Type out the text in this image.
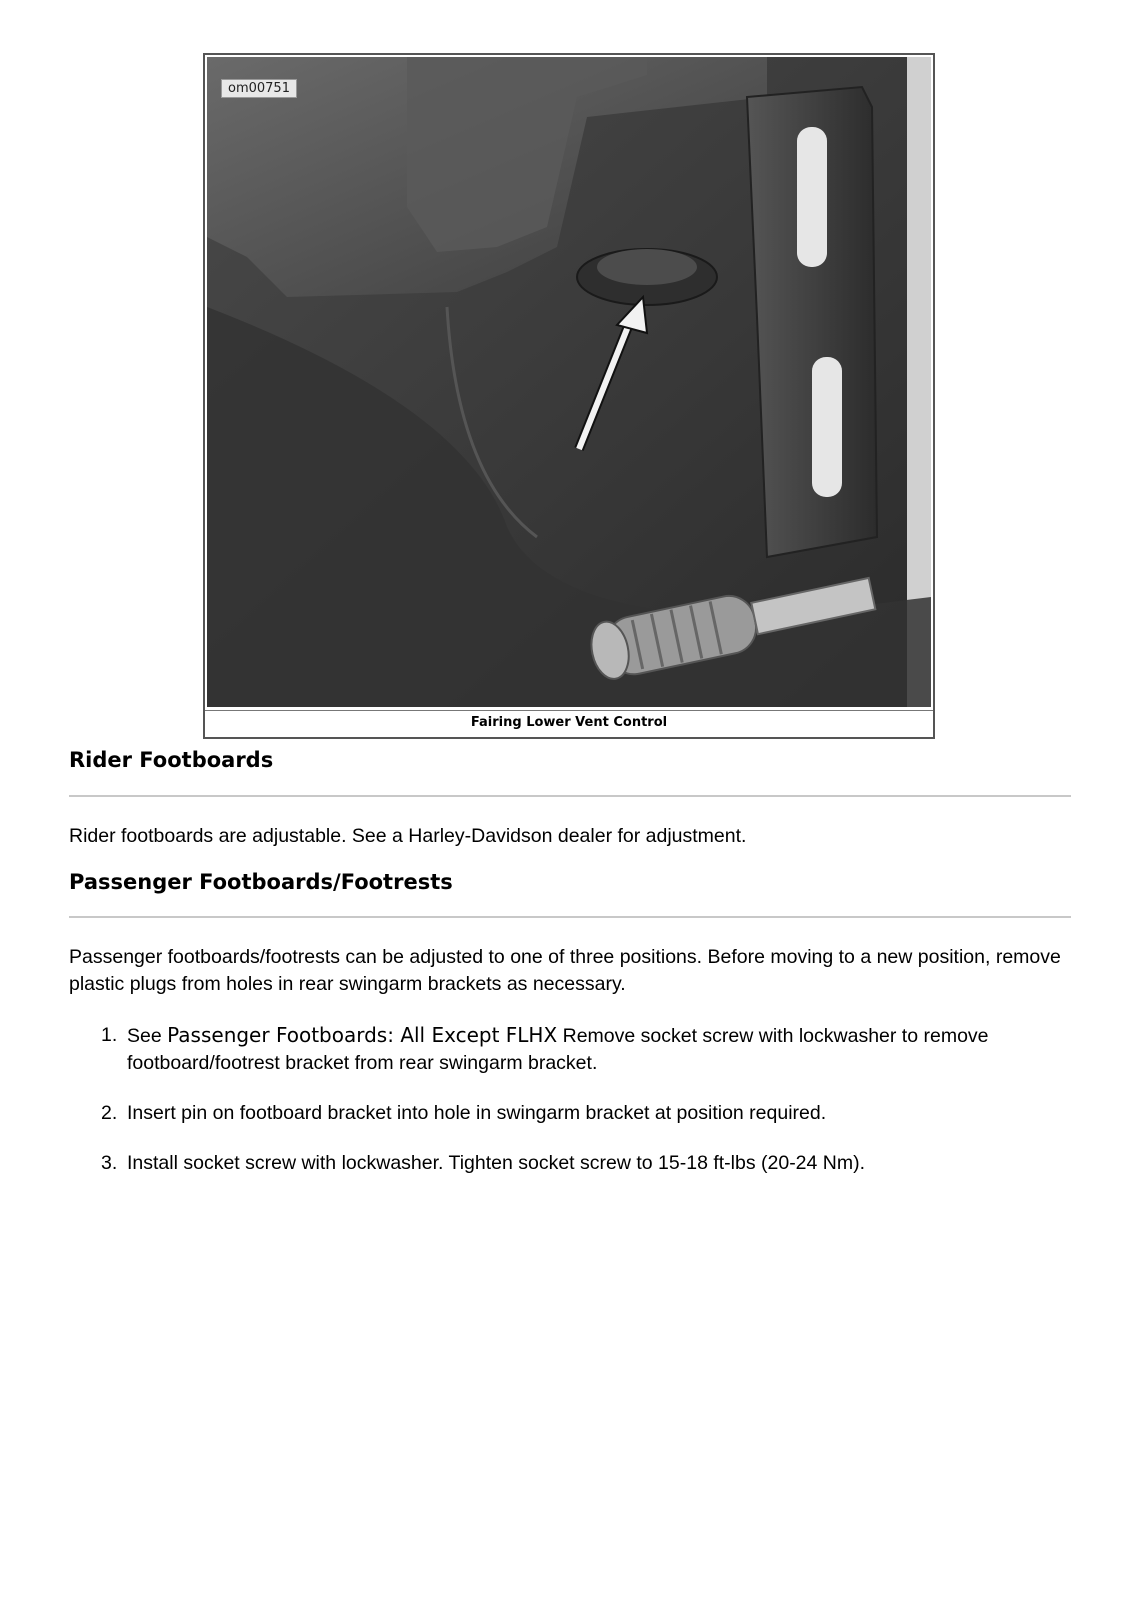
om00751
Fairing Lower Vent Control
Rider Footboards

Rider footboards are adjustable. See a Harley-Davidson dealer for adjustment.

Passenger Footboards/Footrests

Passenger footboards/footrests can be adjusted to one of three positions. Before moving to a new position, remove plastic plugs from holes in rear swingarm brackets as necessary.

1. See Passenger Footboards: All Except FLHX Remove socket screw with lockwasher to remove footboard/footrest bracket from rear swingarm bracket.
2. Insert pin on footboard bracket into hole in swingarm bracket at position required.
3. Install socket screw with lockwasher. Tighten socket screw to 15-18 ft-lbs (20-24 Nm).
